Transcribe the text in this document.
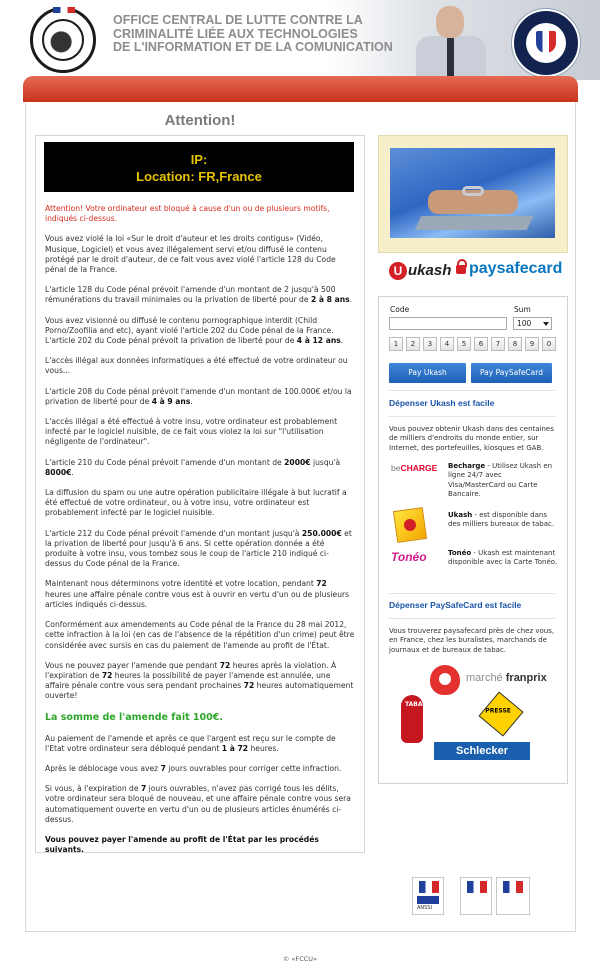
OFFICE CENTRAL DE LUTTE CONTRE LA
CRIMINALITÉ LIÉE AUX TECHNOLOGIES
DE L'INFORMATION ET DE LA COMUNICATION
Attention!
IP:
Location: FR,France

Attention! Votre ordinateur est bloqué à cause d'un ou de plusieurs motifs, indiqués ci-dessus.

Vous avez violé la loi «Sur le droit d'auteur et les droits contigus» (Vidéo, Musique, Logiciel) et vous avez illégalement servi et/ou diffusé le contenu protégé par le droit d'auteur, de ce fait vous avez violé l'article 128 du Code pénal de la France.

L'article 128 du Code pénal prévoit l'amende d'un montant de 2 jusqu'à 500 rémunérations du travail minimales ou la privation de liberté pour de 2 à 8 ans.

Vous avez visionné ou diffusé le contenu pornographique interdit (Child Porno/Zoofilia and etc), ayant violé l'article 202 du Code pénal de la France. L'article 202 du Code pénal prévoit la privation de liberté pour de 4 à 12 ans.

L'accès illégal aux données informatiques a été effectué de votre ordinateur ou vous...

L'article 208 du Code pénal prévoit l'amende d'un montant de 100.000€ et/ou la privation de liberté pour de 4 à 9 ans.

L'accès illégal a été effectué à votre insu, votre ordinateur est probablement infecté par le logiciel nuisible, de ce fait vous violez la loi sur "l'utilisation négligente de l'ordinateur".

L'article 210 du Code pénal prévoit l'amende d'un montant de 2000€ jusqu'à 8000€.

La diffusion du spam ou une autre opération publicitaire illégale à but lucratif a été effectué de votre ordinateur, ou à votre insu, votre ordinateur est probablement infecté par le logiciel nuisible.

L'article 212 du Code pénal prévoit l'amende d'un montant jusqu'à 250.000€ et la privation de liberté pour jusqu'à 6 ans. Si cette opération donnée a été produite à votre insu, vous tombez sous le coup de l'article 210 indiqué ci-dessus du Code pénal de la France.

Maintenant nous déterminons votre identité et votre location, pendant 72 heures une affaire pénale contre vous est à ouvrir en vertu d'un ou de plusieurs articles indiqués ci-dessus.

Conformément aux amendements au Code pénal de la France du 28 mai 2012, cette infraction à la loi (en cas de l'absence de la répétition d'un crime) peut être considérée avec sursis en cas du paiement de l'amende au profit de l'État.

Vous ne pouvez payer l'amende que pendant 72 heures après la violation. À l'expiration de 72 heures la possibilité de payer l'amende est annulée, une affaire pénale contre vous sera pendant prochaines 72 heures automatiquement ouverte!

La somme de l'amende fait 100€.

Au paiement de l'amende et après ce que l'argent est reçu sur le compte de l'Etat votre ordinateur sera débloqué pendant 1 à 72 heures.

Après le déblocage vous avez 7 jours ouvrables pour corriger cette infraction.

Si vous, à l'expiration de 7 jours ouvrables, n'avez pas corrigé tous les délits, votre ordinateur sera bloqué de nouveau, et une affaire pénale contre vous sera automatiquement ouverte en vertu d'un ou de plusieurs articles énumérés ci-dessus.

Vous pouvez payer l'amende au profit de l'État par les procédés suivants.

U ukash	paysafecard
Code	Sum
100
1	2	3	4	5	6	7	8	9	0
Pay Ukash	Pay PaySafeCard
Dépenser Ukash est facile
Vous pouvez obtenir Ukash dans des centaines de milliers d'endroits du monde entier, sur Internet, des portefeuilles, kiosques et GAB.
beCHARGE Becharge - Utilisez Ukash en ligne 24/7 avec Visa/MasterCard ou Carte Bancaire.
Ukash - est disponible dans des milliers bureaux de tabac.
Tonéo	Tonéo - Ukash est maintenant disponible avec la Carte Tonéo.
Dépenser PaySafeCard est facile
Vous trouverez paysafecard près de chez vous, en France, chez les buralistes, marchands de journaux et de bureaux de tabac.
marché franprix
TABAC
PRESSE
Schlecker
ANSSI
© «FCCU»
